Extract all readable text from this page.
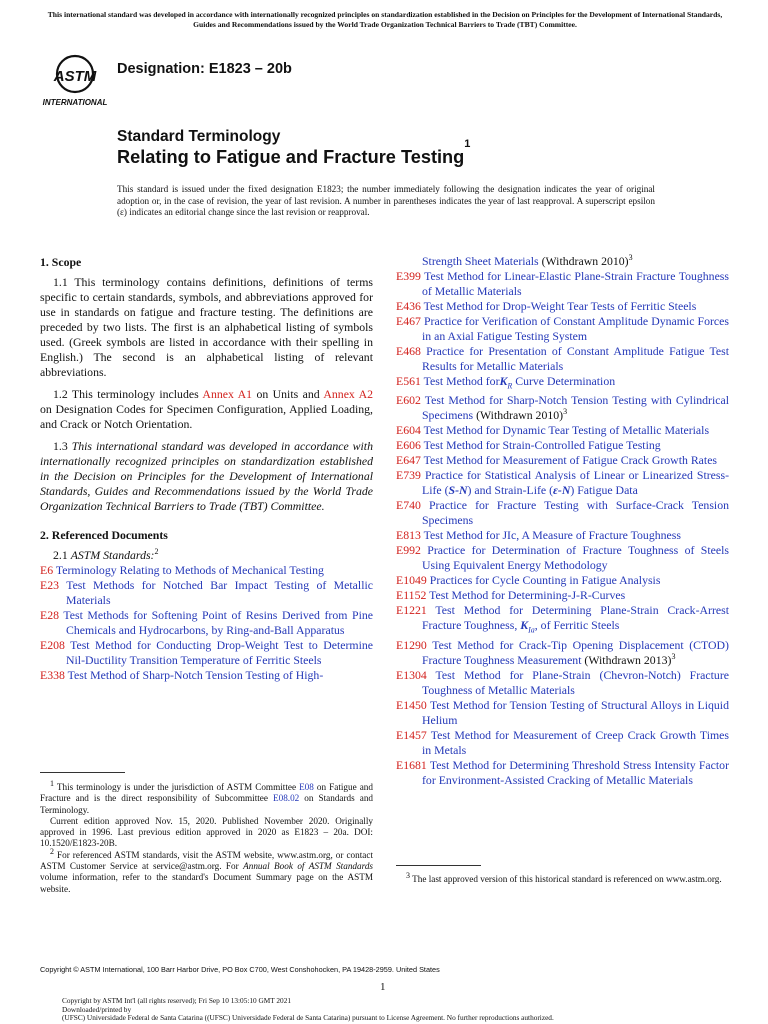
This international standard was developed in accordance with internationally recognized principles on standardization established in the Decision on Principles for the Development of International Standards, Guides and Recommendations issued by the World Trade Organization Technical Barriers to Trade (TBT) Committee.
ASTM
INTERNATIONAL
Designation: E1823 – 20b
Standard Terminology
Relating to Fatigue and Fracture Testing$^1$
This standard is issued under the fixed designation E1823; the number immediately following the designation indicates the year of original adoption or, in the case of revision, the year of last revision. A number in parentheses indicates the year of last reapproval. A superscript epsilon (ε) indicates an editorial change since the last revision or reapproval.
1. Scope

1.1 This terminology contains definitions, definitions of terms specific to certain standards, symbols, and abbreviations approved for use in standards on fatigue and fracture testing. The definitions are preceded by two lists. The first is an alphabetical listing of symbols used. (Greek symbols are listed in accordance with their spelling in English.) The second is an alphabetical listing of relevant abbreviations.

1.2 This terminology includes Annex A1 on Units and Annex A2 on Designation Codes for Specimen Configuration, Applied Loading, and Crack or Notch Orientation.

1.3 This international standard was developed in accordance with internationally recognized principles on standardization established in the Decision on Principles for the Development of International Standards, Guides and Recommendations issued by the World Trade Organization Technical Barriers to Trade (TBT) Committee.

2. Referenced Documents

2.1 ASTM Standards:$^2$

E6 Terminology Relating to Methods of Mechanical Testing
E23 Test Methods for Notched Bar Impact Testing of Metallic Materials
E28 Test Methods for Softening Point of Resins Derived from Pine Chemicals and Hydrocarbons, by Ring-and-Ball Apparatus
E208 Test Method for Conducting Drop-Weight Test to Determine Nil-Ductility Transition Temperature of Ferritic Steels
E338 Test Method of Sharp-Notch Tension Testing of High-
Strength Sheet Materials (Withdrawn 2010)$^3$
E399 Test Method for Linear-Elastic Plane-Strain Fracture Toughness of Metallic Materials
E436 Test Method for Drop-Weight Tear Tests of Ferritic Steels
E467 Practice for Verification of Constant Amplitude Dynamic Forces in an Axial Fatigue Testing System
E468 Practice for Presentation of Constant Amplitude Fatigue Test Results for Metallic Materials
E561 Test Method forK$_R$ Curve Determination
E602 Test Method for Sharp-Notch Tension Testing with Cylindrical Specimens (Withdrawn 2010)$^3$
E604 Test Method for Dynamic Tear Testing of Metallic Materials
E606 Test Method for Strain-Controlled Fatigue Testing
E647 Test Method for Measurement of Fatigue Crack Growth Rates
E739 Practice for Statistical Analysis of Linear or Linearized Stress-Life (S-N) and Strain-Life (ε-N) Fatigue Data
E740 Practice for Fracture Testing with Surface-Crack Tension Specimens
E813 Test Method for JIc, A Measure of Fracture Toughness
E992 Practice for Determination of Fracture Toughness of Steels Using Equivalent Energy Methodology
E1049 Practices for Cycle Counting in Fatigue Analysis
E1152 Test Method for Determining-J-R-Curves
E1221 Test Method for Determining Plane-Strain Crack-Arrest Fracture Toughness, $K_{Ia}$, of Ferritic Steels
E1290 Test Method for Crack-Tip Opening Displacement (CTOD) Fracture Toughness Measurement (Withdrawn 2013)$^3$
E1304 Test Method for Plane-Strain (Chevron-Notch) Fracture Toughness of Metallic Materials
E1450 Test Method for Tension Testing of Structural Alloys in Liquid Helium
E1457 Test Method for Measurement of Creep Crack Growth Times in Metals
E1681 Test Method for Determining Threshold Stress Intensity Factor for Environment-Assisted Cracking of Metallic Materials

$^1$ This terminology is under the jurisdiction of ASTM Committee E08 on Fatigue and Fracture and is the direct responsibility of Subcommittee E08.02 on Standards and Terminology.

Current edition approved Nov. 15, 2020. Published November 2020. Originally approved in 1996. Last previous edition approved in 2020 as E1823 – 20a. DOI: 10.1520/E1823-20B.

$^2$ For referenced ASTM standards, visit the ASTM website, www.astm.org, or contact ASTM Customer Service at service@astm.org. For Annual Book of ASTM Standards volume information, refer to the standard's Document Summary page on the ASTM website.

$^3$ The last approved version of this historical standard is referenced on www.astm.org.

Copyright © ASTM International, 100 Barr Harbor Drive, PO Box C700, West Conshohocken, PA 19428-2959. United States
1
Copyright by ASTM Int'l (all rights reserved); Fri Sep 10 13:05:10 GMT 2021
Downloaded/printed by
(UFSC) Universidade Federal de Santa Catarina ((UFSC) Universidade Federal de Santa Catarina) pursuant to License Agreement. No further reproductions authorized.
